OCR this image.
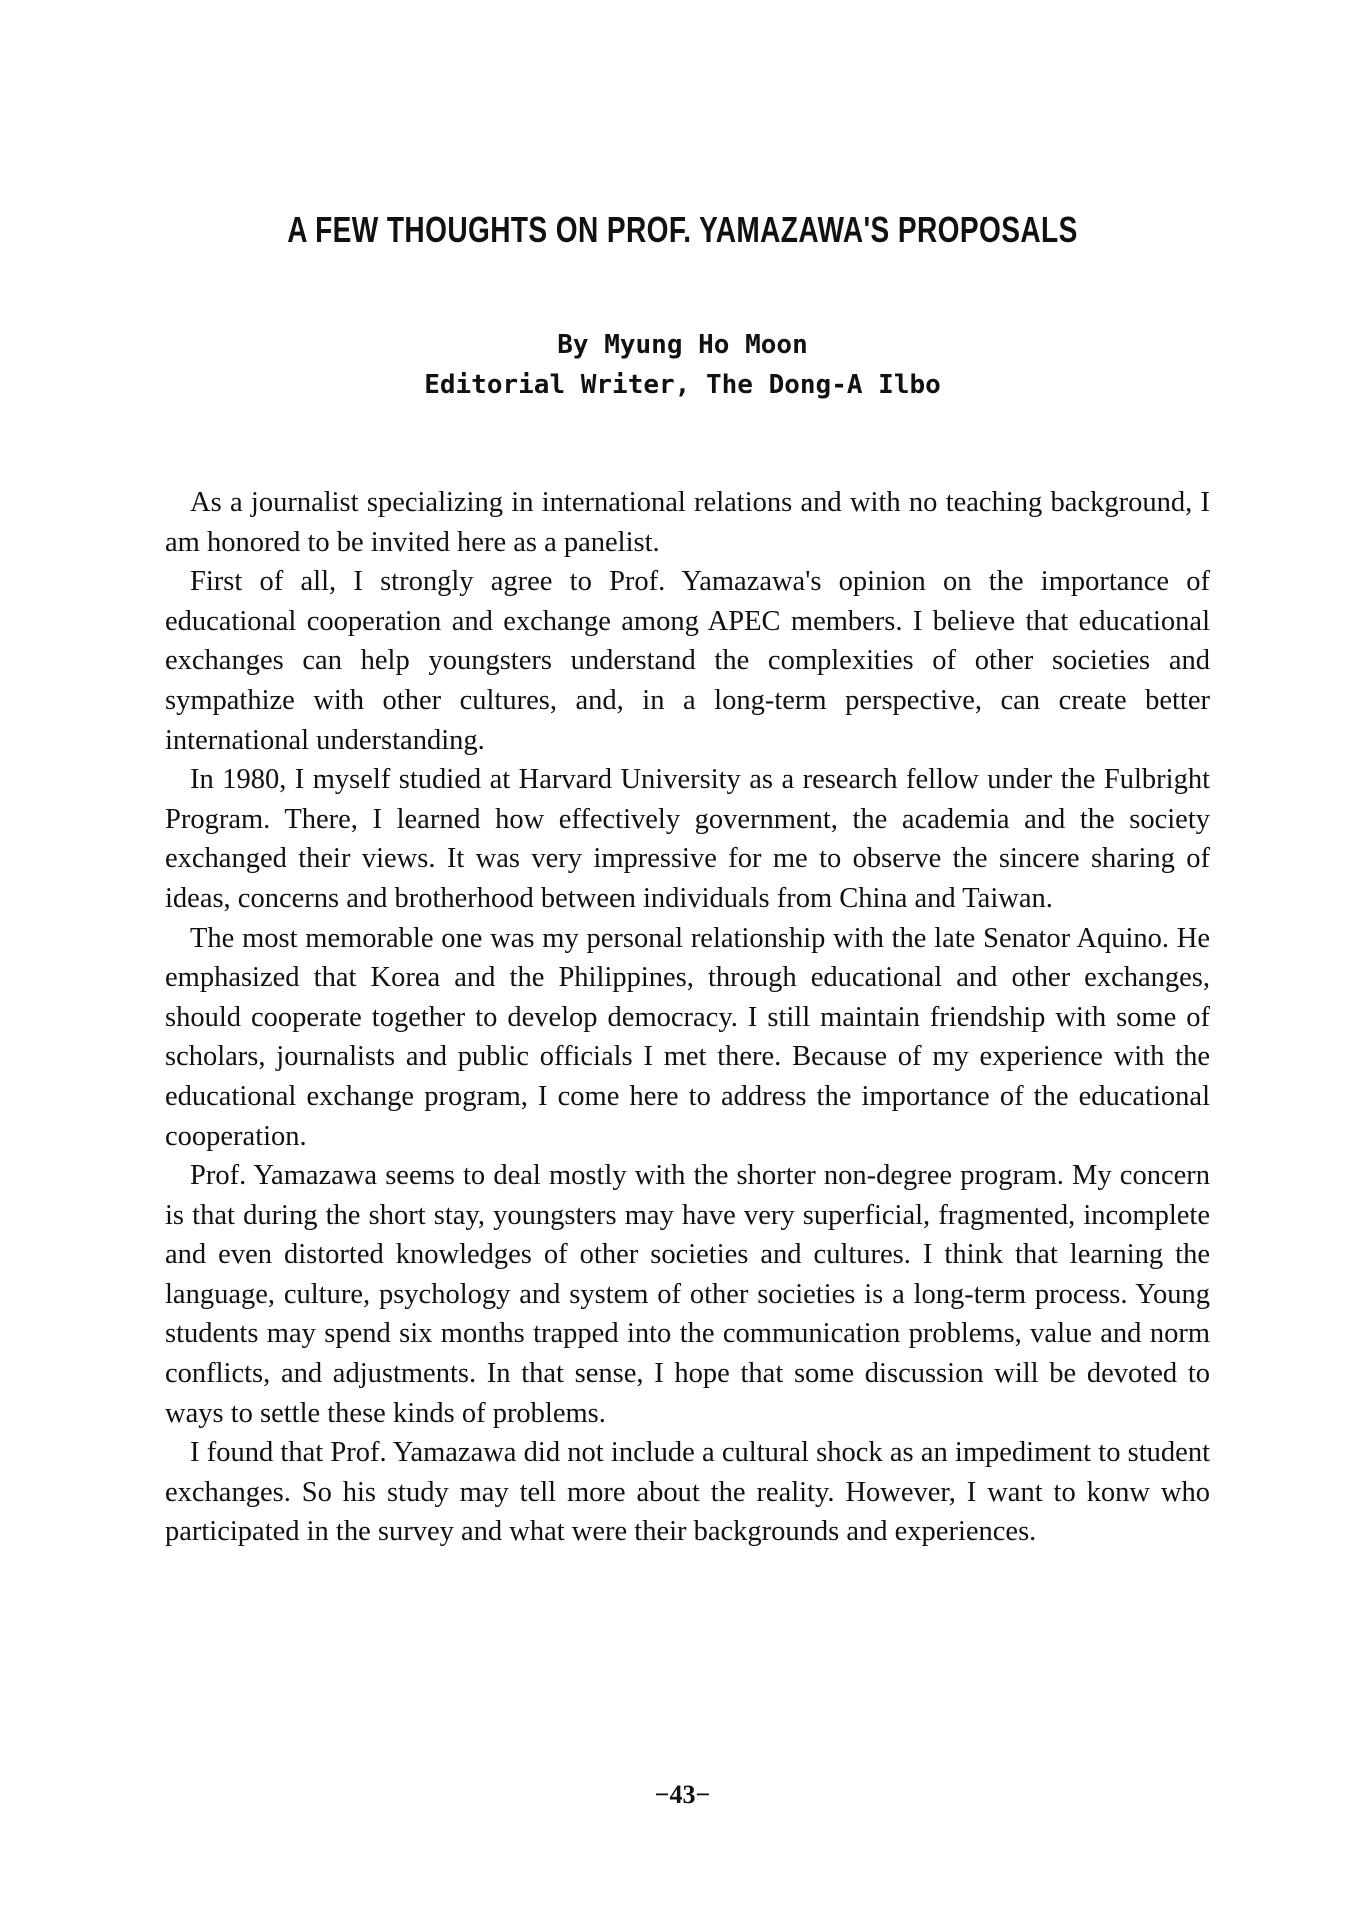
A FEW THOUGHTS ON PROF. YAMAZAWA'S PROPOSALS
By Myung Ho Moon
Editorial Writer, The Dong-A Ilbo

As a journalist specializing in international relations and with no teaching background, I am honored to be invited here as a panelist.

First of all, I strongly agree to Prof. Yamazawa's opinion on the importance of educational cooperation and exchange among APEC members. I believe that educational exchanges can help youngsters understand the complexities of other societies and sympathize with other cultures, and, in a long-term perspective, can create better international understanding.

In 1980, I myself studied at Harvard University as a research fellow under the Fulbright Program. There, I learned how effectively government, the academia and the society exchanged their views. It was very impressive for me to observe the sincere sharing of ideas, concerns and brotherhood between individuals from China and Taiwan.

The most memorable one was my personal relationship with the late Senator Aquino. He emphasized that Korea and the Philippines, through educational and other exchanges, should cooperate together to develop democracy. I still maintain friendship with some of scholars, journalists and public officials I met there. Because of my experience with the educational exchange program, I come here to address the importance of the educational cooperation.

Prof. Yamazawa seems to deal mostly with the shorter non-degree program. My concern is that during the short stay, youngsters may have very superficial, fragmented, incomplete and even distorted knowledges of other societies and cultures. I think that learning the language, culture, psychology and system of other societies is a long-term process. Young students may spend six months trapped into the communication problems, value and norm conflicts, and adjustments. In that sense, I hope that some discussion will be devoted to ways to settle these kinds of problems.

I found that Prof. Yamazawa did not include a cultural shock as an impediment to student exchanges. So his study may tell more about the reality. However, I want to konw who participated in the survey and what were their backgrounds and experiences.

−43−
